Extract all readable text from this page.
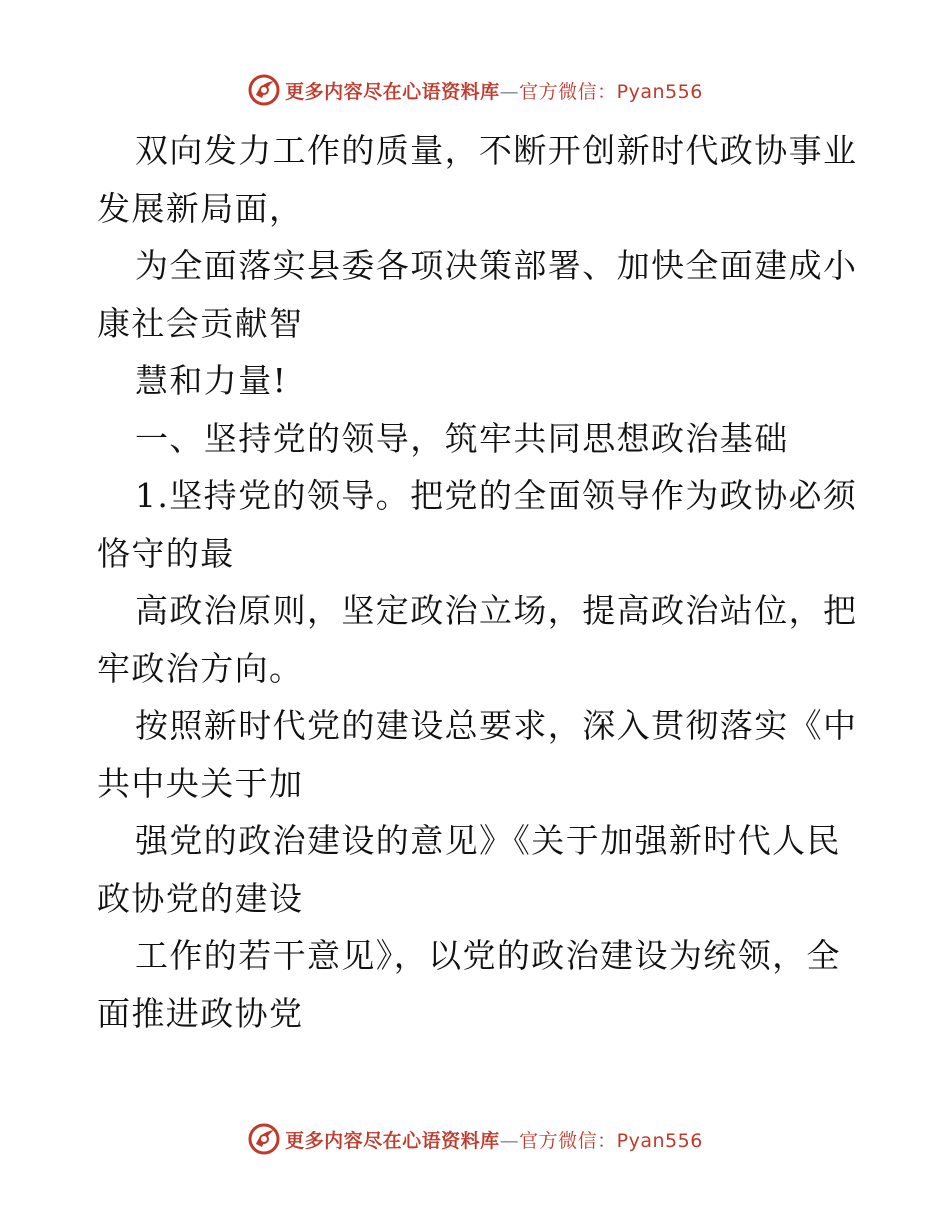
更多内容尽在心语资料库—官方微信：Pyan556
双向发力工作的质量，不断开创新时代政协事业
发展新局面，
为全面落实县委各项决策部署、加快全面建成小
康社会贡献智
慧和力量!
一、坚持党的领导，筑牢共同思想政治基础
1.坚持党的领导。把党的全面领导作为政协必须
恪守的最
高政治原则，坚定政治立场，提高政治站位，把
牢政治方向。
按照新时代党的建设总要求，深入贯彻落实《中
共中央关于加
强党的政治建设的意见》《关于加强新时代人民
政协党的建设
工作的若干意见》，以党的政治建设为统领，全
面推进政协党
更多内容尽在心语资料库—官方微信：Pyan556
